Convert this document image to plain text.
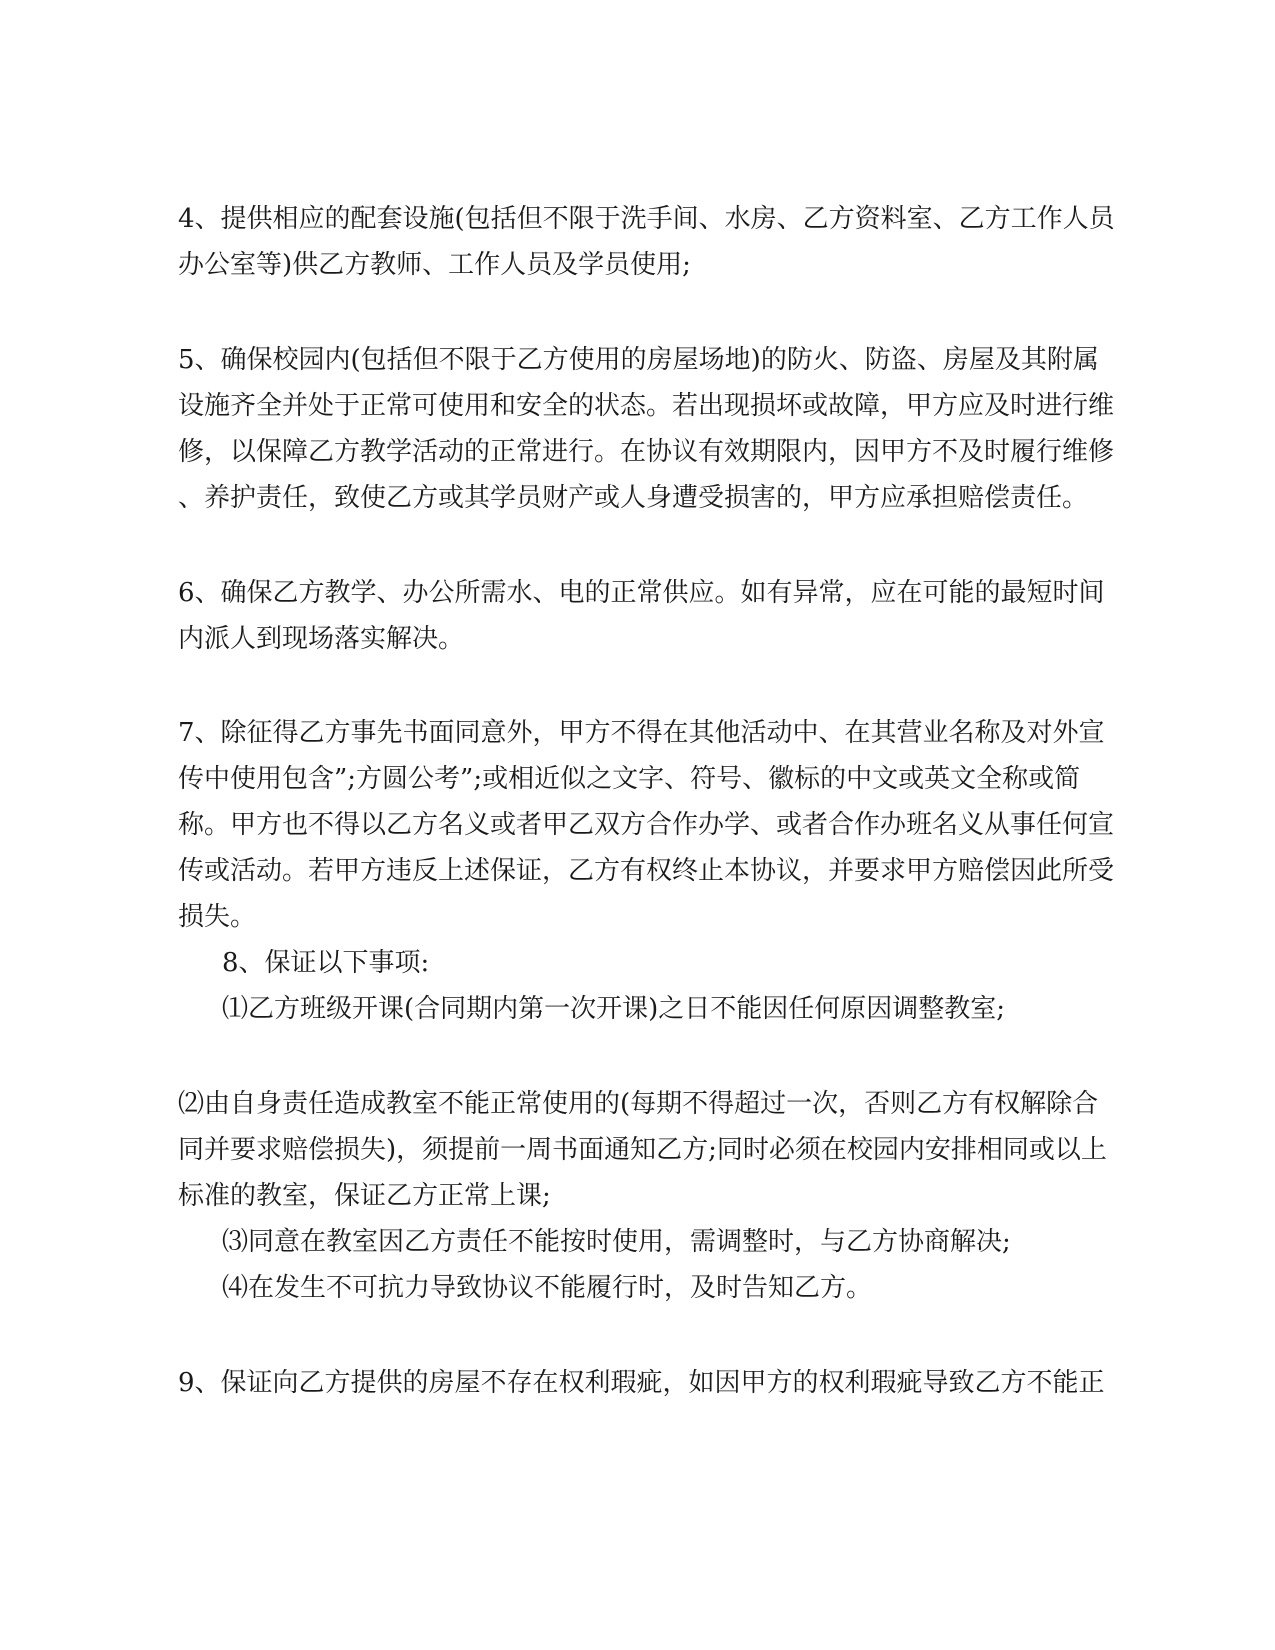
4、提供相应的配套设施(包括但不限于洗手间、水房、乙方资料室、乙方工作人员
办公室等)供乙方教师、工作人员及学员使用;
5、确保校园内(包括但不限于乙方使用的房屋场地)的防火、防盗、房屋及其附属
设施齐全并处于正常可使用和安全的状态。若出现损坏或故障，甲方应及时进行维
修，以保障乙方教学活动的正常进行。在协议有效期限内，因甲方不及时履行维修
、养护责任，致使乙方或其学员财产或人身遭受损害的，甲方应承担赔偿责任。
6、确保乙方教学、办公所需水、电的正常供应。如有异常，应在可能的最短时间
内派人到现场落实解决。
7、除征得乙方事先书面同意外，甲方不得在其他活动中、在其营业名称及对外宣
传中使用包含”;方圆公考”;或相近似之文字、符号、徽标的中文或英文全称或简
称。甲方也不得以乙方名义或者甲乙双方合作办学、或者合作办班名义从事任何宣
传或活动。若甲方违反上述保证，乙方有权终止本协议，并要求甲方赔偿因此所受
损失。
8、保证以下事项:
⑴乙方班级开课(合同期内第一次开课)之日不能因任何原因调整教室;
⑵由自身责任造成教室不能正常使用的(每期不得超过一次，否则乙方有权解除合
同并要求赔偿损失)，须提前一周书面通知乙方;同时必须在校园内安排相同或以上
标准的教室，保证乙方正常上课;
⑶同意在教室因乙方责任不能按时使用，需调整时，与乙方协商解决;
⑷在发生不可抗力导致协议不能履行时，及时告知乙方。
9、保证向乙方提供的房屋不存在权利瑕疵，如因甲方的权利瑕疵导致乙方不能正
